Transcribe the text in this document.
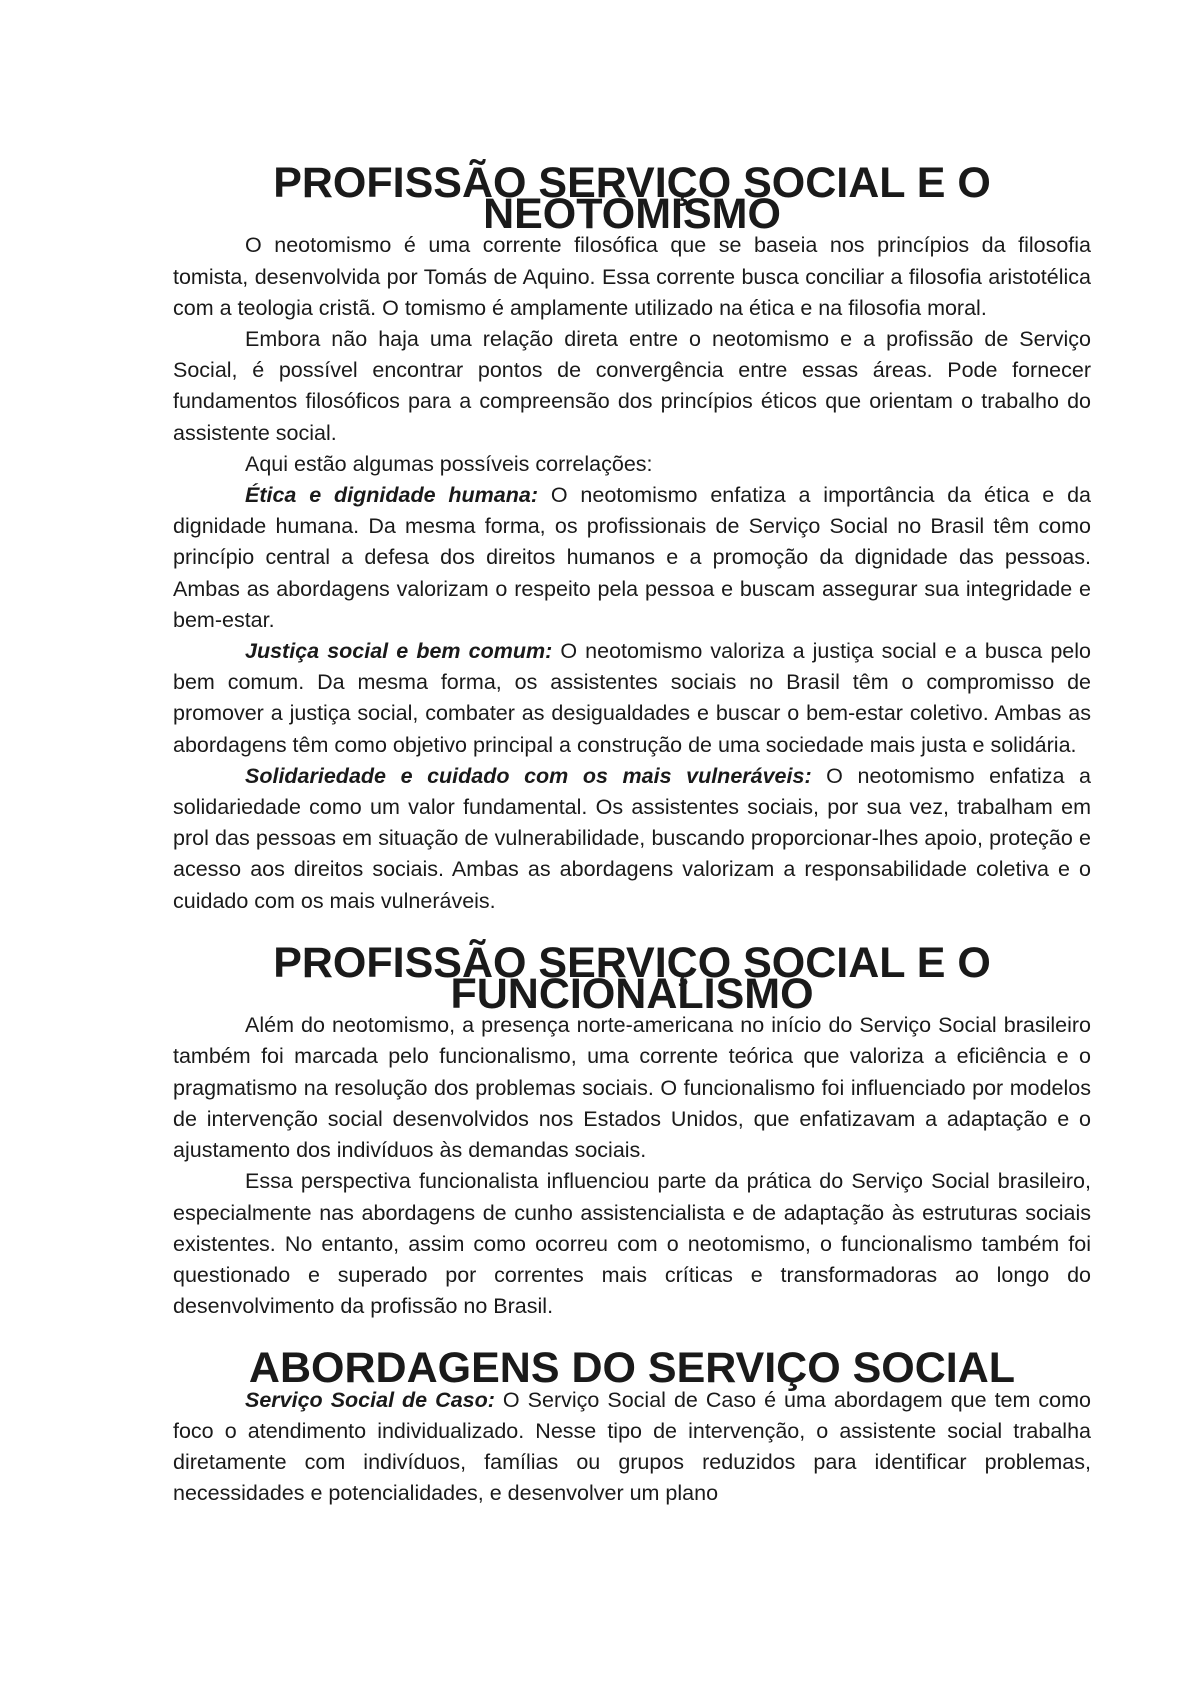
PROFISSÃO SERVIÇO SOCIAL E O NEOTOMISMO

O neotomismo é uma corrente filosófica que se baseia nos princípios da filosofia tomista, desenvolvida por Tomás de Aquino. Essa corrente busca conciliar a filosofia aristotélica com a teologia cristã. O tomismo é amplamente utilizado na ética e na filosofia moral.

Embora não haja uma relação direta entre o neotomismo e a profissão de Serviço Social, é possível encontrar pontos de convergência entre essas áreas. Pode fornecer fundamentos filosóficos para a compreensão dos princípios éticos que orientam o trabalho do assistente social.

Aqui estão algumas possíveis correlações:

Ética e dignidade humana: O neotomismo enfatiza a importância da ética e da dignidade humana. Da mesma forma, os profissionais de Serviço Social no Brasil têm como princípio central a defesa dos direitos humanos e a promoção da dignidade das pessoas. Ambas as abordagens valorizam o respeito pela pessoa e buscam assegurar sua integridade e bem-estar.

Justiça social e bem comum: O neotomismo valoriza a justiça social e a busca pelo bem comum. Da mesma forma, os assistentes sociais no Brasil têm o compromisso de promover a justiça social, combater as desigualdades e buscar o bem-estar coletivo. Ambas as abordagens têm como objetivo principal a construção de uma sociedade mais justa e solidária.

Solidariedade e cuidado com os mais vulneráveis: O neotomismo enfatiza a solidariedade como um valor fundamental. Os assistentes sociais, por sua vez, trabalham em prol das pessoas em situação de vulnerabilidade, buscando proporcionar-lhes apoio, proteção e acesso aos direitos sociais. Ambas as abordagens valorizam a responsabilidade coletiva e o cuidado com os mais vulneráveis.

PROFISSÃO SERVIÇO SOCIAL E O FUNCIONALISMO

Além do neotomismo, a presença norte-americana no início do Serviço Social brasileiro também foi marcada pelo funcionalismo, uma corrente teórica que valoriza a eficiência e o pragmatismo na resolução dos problemas sociais. O funcionalismo foi influenciado por modelos de intervenção social desenvolvidos nos Estados Unidos, que enfatizavam a adaptação e o ajustamento dos indivíduos às demandas sociais.

Essa perspectiva funcionalista influenciou parte da prática do Serviço Social brasileiro, especialmente nas abordagens de cunho assistencialista e de adaptação às estruturas sociais existentes. No entanto, assim como ocorreu com o neotomismo, o funcionalismo também foi questionado e superado por correntes mais críticas e transformadoras ao longo do desenvolvimento da profissão no Brasil.

ABORDAGENS DO SERVIÇO SOCIAL

Serviço Social de Caso: O Serviço Social de Caso é uma abordagem que tem como foco o atendimento individualizado. Nesse tipo de intervenção, o assistente social trabalha diretamente com indivíduos, famílias ou grupos reduzidos para identificar problemas, necessidades e potencialidades, e desenvolver um plano
